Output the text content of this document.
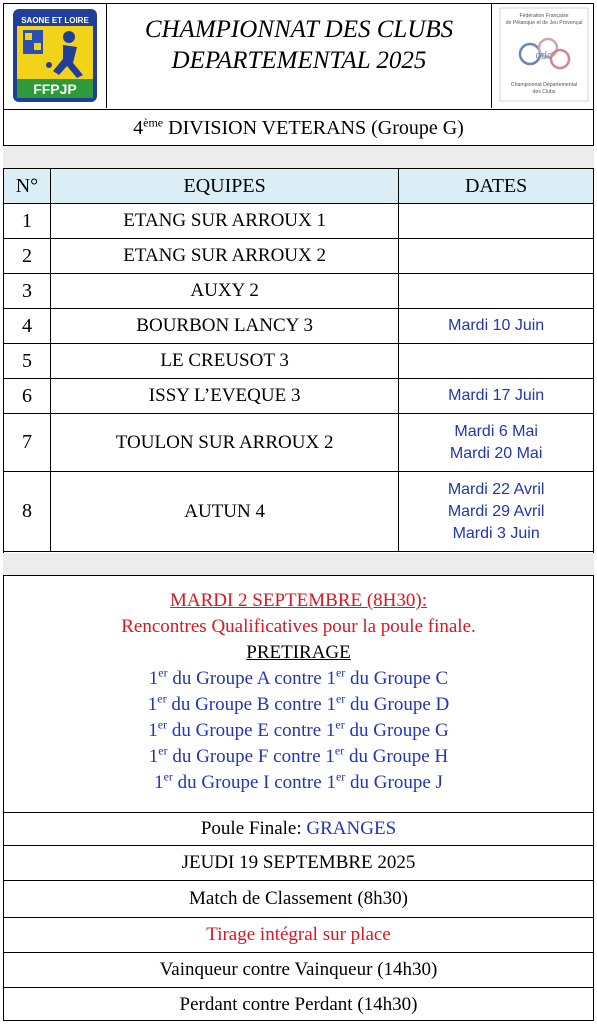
SAONE ET LOIRE
FFPJP
CHAMPIONNAT DES CLUBS
DEPARTEMENTAL 2025
Fédération Française
de Pétanque et de Jeu Provençal
cdc
Championnat Départemental
des Clubs
4ème DIVISION VETERANS (Groupe G)
N°	EQUIPES	DATES
1	ETANG SUR ARROUX 1	
2	ETANG SUR ARROUX 2	
3	AUXY 2	
4	BOURBON LANCY 3	Mardi 10 Juin

5	LE CREUSOT 3	
6	ISSY L’EVEQUE 3	Mardi 17 Juin

7	TOULON SUR ARROUX 2	Mardi 6 Mai
Mardi 20 Mai

8	AUTUN 4	Mardi 22 Avril
Mardi 29 Avril
Mardi 3 Juin
MARDI 2 SEPTEMBRE (8H30):
Rencontres Qualificatives pour la poule finale.
PRETIRAGE
1er du Groupe A contre 1er du Groupe C
1er du Groupe B contre 1er du Groupe D
1er du Groupe E contre 1er du Groupe G
1er du Groupe F contre 1er du Groupe H
1er du Groupe I contre 1er du Groupe J
Poule Finale: GRANGES
JEUDI 19 SEPTEMBRE 2025
Match de Classement (8h30)
Tirage intégral sur place
Vainqueur contre Vainqueur (14h30)
Perdant contre Perdant (14h30)
